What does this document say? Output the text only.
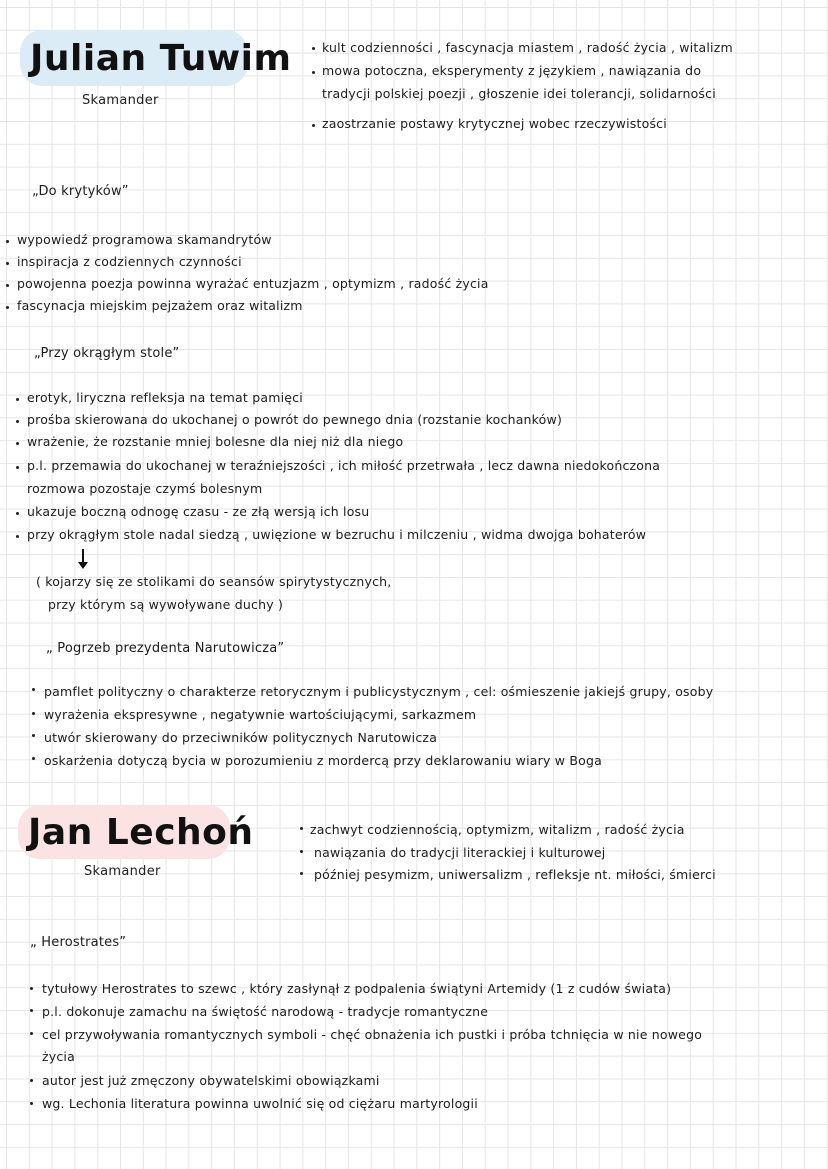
Julian Tuwim
Skamander
kult codzienności , fascynacja miastem , radość życia , witalizm
mowa potoczna, eksperymenty z językiem , nawiązania do
tradycji polskiej poezji , głoszenie idei tolerancji, solidarności
zaostrzanie postawy krytycznej wobec rzeczywistości
„Do krytyków”
wypowiedź programowa skamandrytów
inspiracja z codziennych czynności
powojenna poezja powinna wyrażać entuzjazm , optymizm , radość życia
fascynacja miejskim pejzażem oraz witalizm
„Przy okrągłym stole”
erotyk, liryczna refleksja na temat pamięci
prośba skierowana do ukochanej o powrót do pewnego dnia (rozstanie kochanków)
wrażenie, że rozstanie mniej bolesne dla niej niż dla niego
p.l. przemawia do ukochanej w teraźniejszości , ich miłość przetrwała , lecz dawna niedokończona
rozmowa pozostaje czymś bolesnym
ukazuje boczną odnogę czasu - ze złą wersją ich losu
przy okrągłym stole nadal siedzą , uwięzione w bezruchu i milczeniu , widma dwojga bohaterów
( kojarzy się ze stolikami do seansów spirytystycznych,
przy którym są wywoływane duchy )
„ Pogrzeb prezydenta Narutowicza”
pamflet polityczny o charakterze retorycznym i publicystycznym , cel: ośmieszenie jakiejś grupy, osoby
wyrażenia ekspresywne , negatywnie wartościującymi, sarkazmem
utwór skierowany do przeciwników politycznych Narutowicza
oskarżenia dotyczą bycia w porozumieniu z mordercą przy deklarowaniu wiary w Boga
Jan Lechoń
Skamander
zachwyt codziennością, optymizm, witalizm , radość życia
nawiązania do tradycji literackiej i kulturowej
później pesymizm, uniwersalizm , refleksje nt. miłości, śmierci
„ Herostrates”
tytułowy Herostrates to szewc , który zasłynął z podpalenia świątyni Artemidy (1 z cudów świata)
p.l. dokonuje zamachu na świętość narodową - tradycje romantyczne
cel przywoływania romantycznych symboli - chęć obnażenia ich pustki i próba tchnięcia w nie nowego
życia
autor jest już zmęczony obywatelskimi obowiązkami
wg. Lechonia literatura powinna uwolnić się od ciężaru martyrologii
